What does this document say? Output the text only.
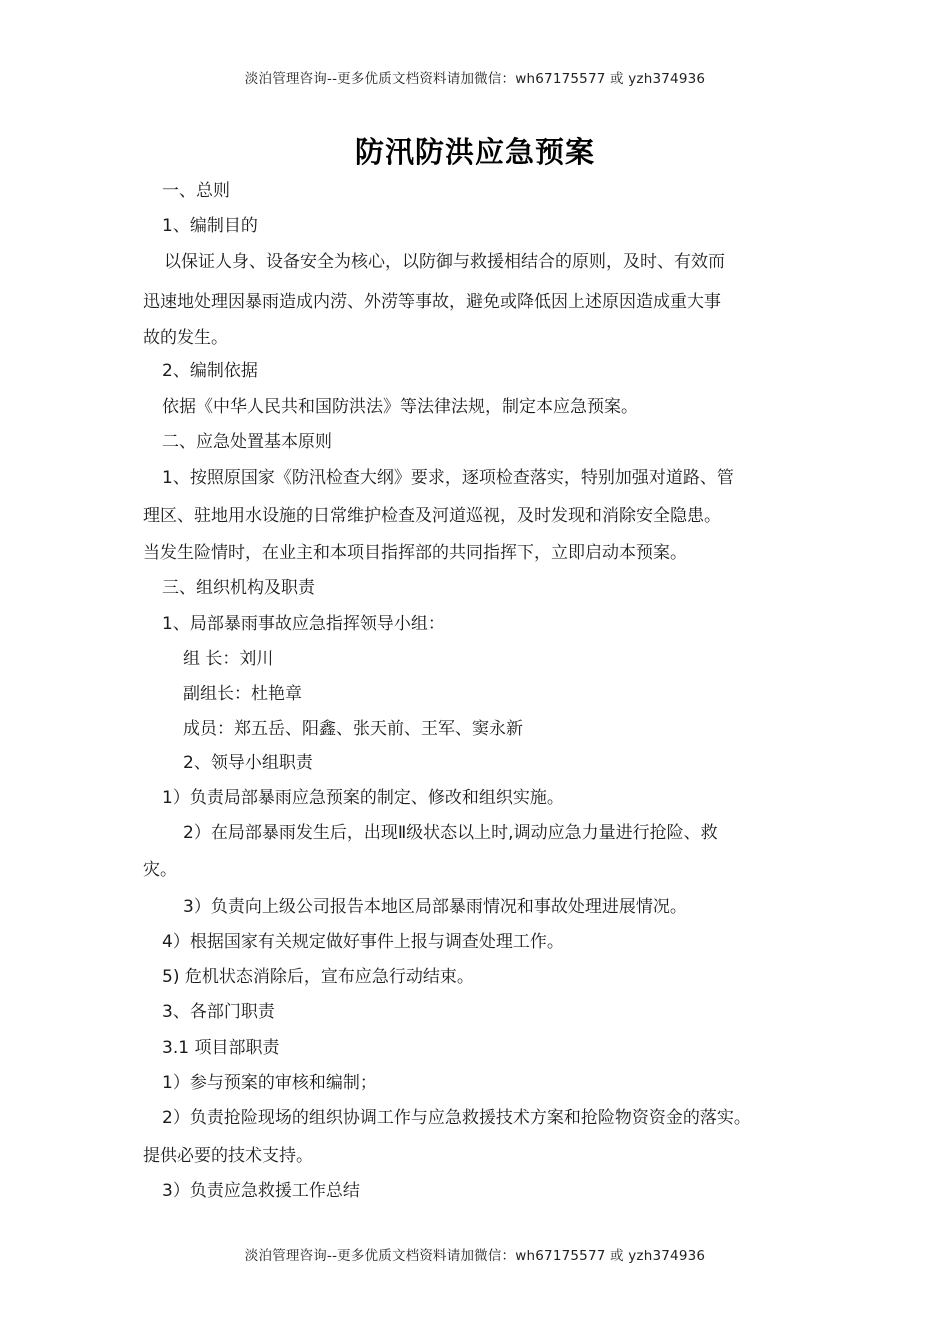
淡泊管理咨询--更多优质文档资料请加微信：wh67175577 或 yzh374936
防汛防洪应急预案
一、总则
1、编制目的
以保证人身、设备安全为核心，以防御与救援相结合的原则，及时、有效而
迅速地处理因暴雨造成内涝、外涝等事故，避免或降低因上述原因造成重大事
故的发生。
2、编制依据
依据《中华人民共和国防洪法》等法律法规，制定本应急预案。
二、应急处置基本原则
1、按照原国家《防汛检查大纲》要求，逐项检查落实，特别加强对道路、管
理区、驻地用水设施的日常维护检查及河道巡视，及时发现和消除安全隐患。
当发生险情时，在业主和本项目指挥部的共同指挥下，立即启动本预案。
三、组织机构及职责
1、局部暴雨事故应急指挥领导小组：
组 长：刘川
副组长：杜艳章
成员：郑五岳、阳鑫、张天前、王军、窦永新
2、领导小组职责
1）负责局部暴雨应急预案的制定、修改和组织实施。
2）在局部暴雨发生后，出现Ⅱ级状态以上时,调动应急力量进行抢险、救
灾。
3）负责向上级公司报告本地区局部暴雨情况和事故处理进展情况。
4）根据国家有关规定做好事件上报与调查处理工作。
5) 危机状态消除后，宣布应急行动结束。
3、各部门职责
3.1 项目部职责
1）参与预案的审核和编制；
2）负责抢险现场的组织协调工作与应急救援技术方案和抢险物资资金的落实。
提供必要的技术支持。
3）负责应急救援工作总结
淡泊管理咨询--更多优质文档资料请加微信：wh67175577 或 yzh374936
